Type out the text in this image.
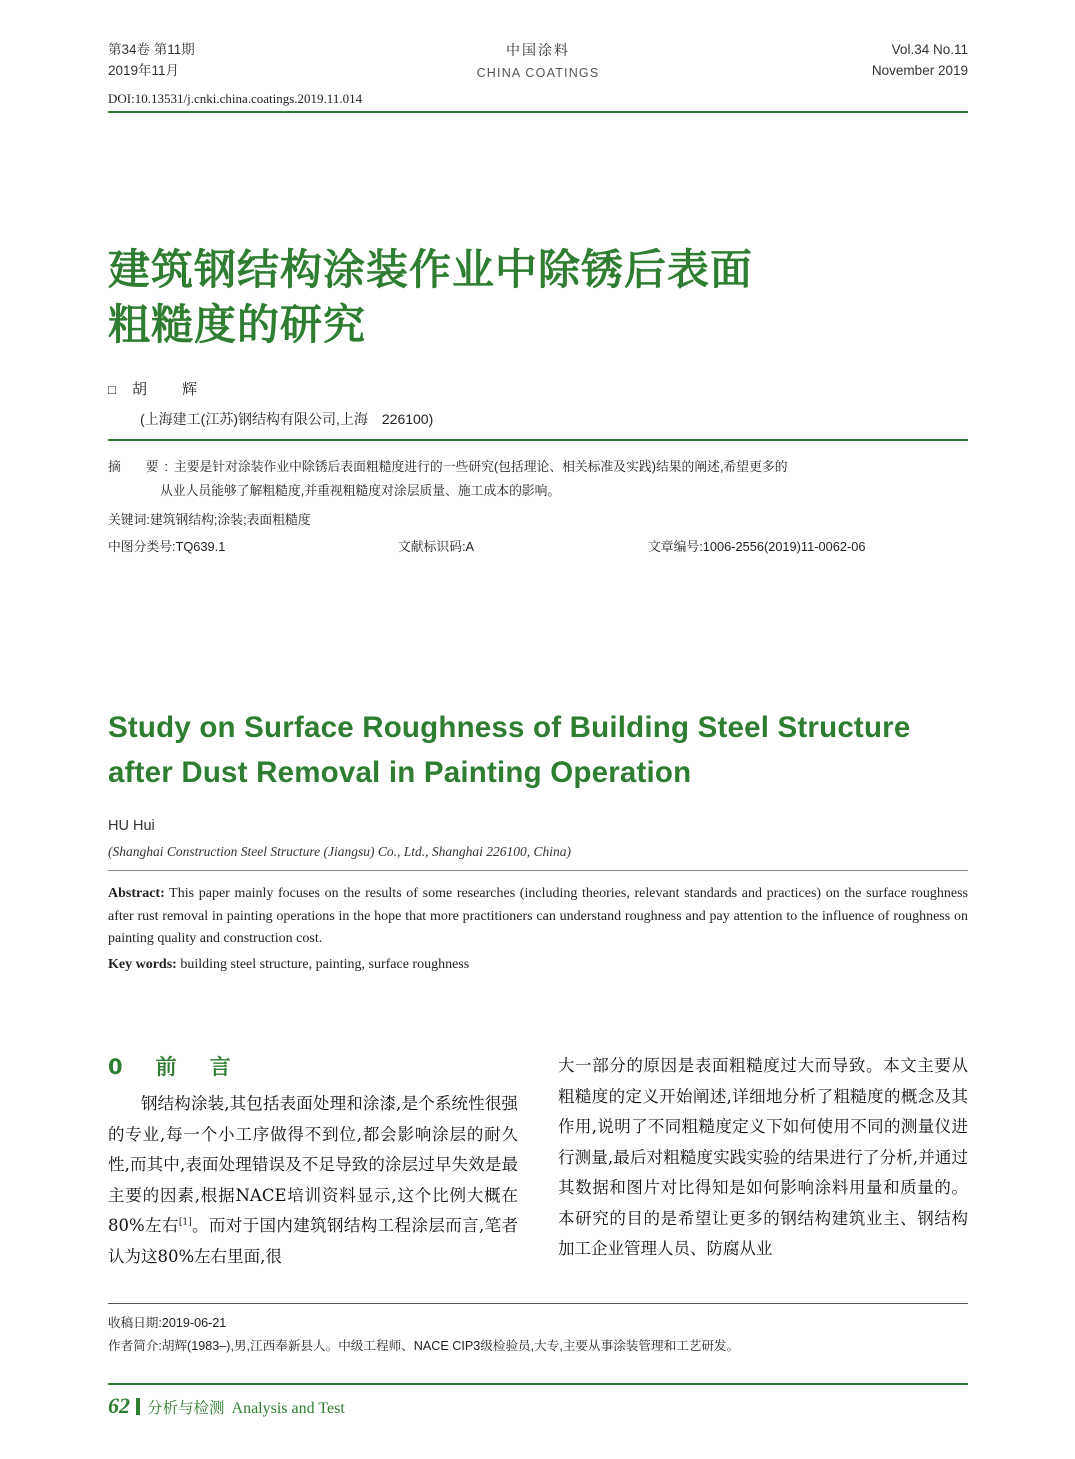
第34卷 第11期
2019年11月
中国涂料
CHINA COATINGS
Vol.34 No.11
November 2019
DOI:10.13531/j.cnki.china.coatings.2019.11.014
建筑钢结构涂装作业中除锈后表面
粗糙度的研究
□ 胡　辉
(上海建工(江苏)钢结构有限公司,上海　226100)
摘　要:主要是针对涂装作业中除锈后表面粗糙度进行的一些研究(包括理论、相关标准及实践)结果的阐述,希望更多的
从业人员能够了解粗糙度,并重视粗糙度对涂层质量、施工成本的影响。
关键词:建筑钢结构;涂装;表面粗糙度
中图分类号:TQ639.1	文献标识码:A	文章编号:1006-2556(2019)11-0062-06
Study on Surface Roughness of Building Steel Structure
after Dust Removal in Painting Operation
HU Hui
(Shanghai Construction Steel Structure (Jiangsu) Co., Ltd., Shanghai 226100, China)
Abstract: This paper mainly focuses on the results of some researches (including theories, relevant standards and practices) on the surface roughness after rust removal in painting operations in the hope that more practitioners can understand roughness and pay attention to the influence of roughness on painting quality and construction cost.
Key words: building steel structure, painting, surface roughness
0　前　言
钢结构涂装,其包括表面处理和涂漆,是个系统性很强的专业,每一个小工序做得不到位,都会影响涂层的耐久性,而其中,表面处理错误及不足导致的涂层过早失效是最主要的因素,根据NACE培训资料显示,这个比例大概在80%左右[1]。而对于国内建筑钢结构工程涂层而言,笔者认为这80%左右里面,很
大一部分的原因是表面粗糙度过大而导致。本文主要从粗糙度的定义开始阐述,详细地分析了粗糙度的概念及其作用,说明了不同粗糙度定义下如何使用不同的测量仪进行测量,最后对粗糙度实践实验的结果进行了分析,并通过其数据和图片对比得知是如何影响涂料用量和质量的。本研究的目的是希望让更多的钢结构建筑业主、钢结构加工企业管理人员、防腐从业
收稿日期:2019-06-21
作者简介:胡辉(1983–),男,江西奉新县人。中级工程师、NACE CIP3级检验员,大专,主要从事涂装管理和工艺研发。
62 分析与检测 Analysis and Test
